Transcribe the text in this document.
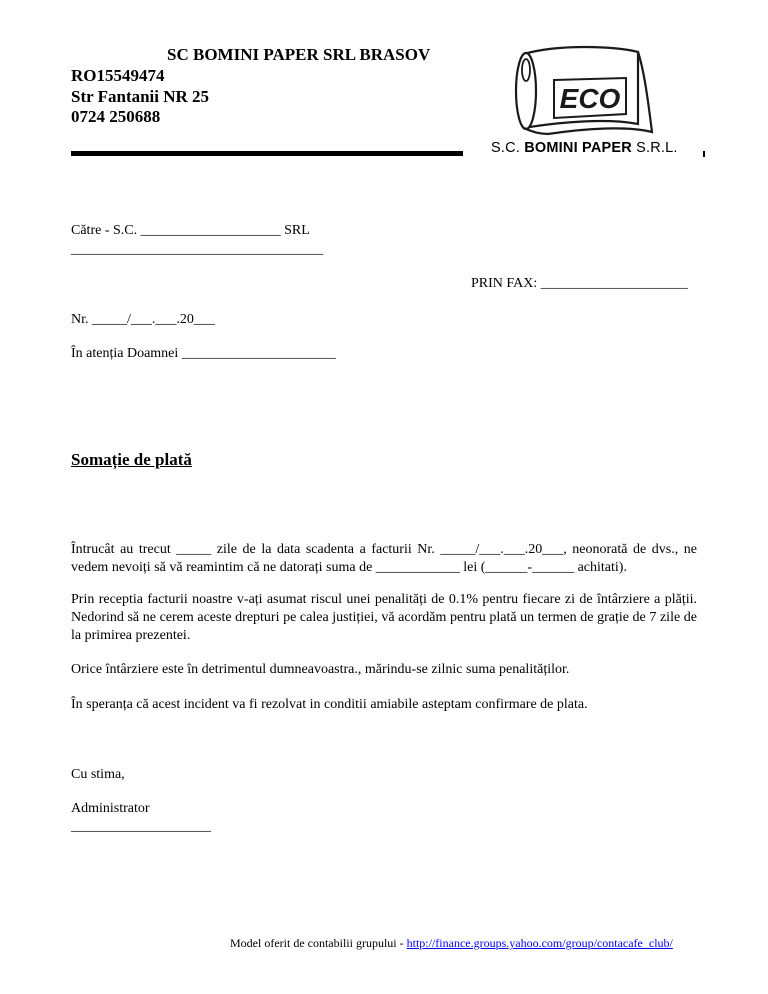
SC BOMINI PAPER SRL BRASOV
RO15549474
Str Fantanii NR 25
0724 250688
ECO
S.C. BOMINI PAPER S.R.L.
Către - S.C. ____________________ SRL
____________________________________
PRIN FAX: _____________________
Nr. _____/___.___.20___
În atenția Doamnei ______________________
Somație de plată
Întrucât au trecut _____ zile de la data scadenta a facturii Nr. _____/___.___.20___, neonorată de dvs., ne vedem nevoiți să vă reamintim că ne datorați suma de ____________ lei (______-______ achitati).
Prin receptia facturii noastre v-ați asumat riscul unei penalități de 0.1% pentru fiecare zi de întârziere a plății. Nedorind să ne cerem aceste drepturi pe calea justiției, vă acordăm pentru plată un termen de grație de 7 zile de la primirea prezentei.
Orice întârziere este în detrimentul dumneavoastra., mărindu-se zilnic suma penalităților.
În speranța că acest incident va fi rezolvat in conditii amiabile asteptam confirmare de plata.
Cu stima,
Administrator
____________________
Model oferit de contabilii grupului - http://finance.groups.yahoo.com/group/contacafe_club/
